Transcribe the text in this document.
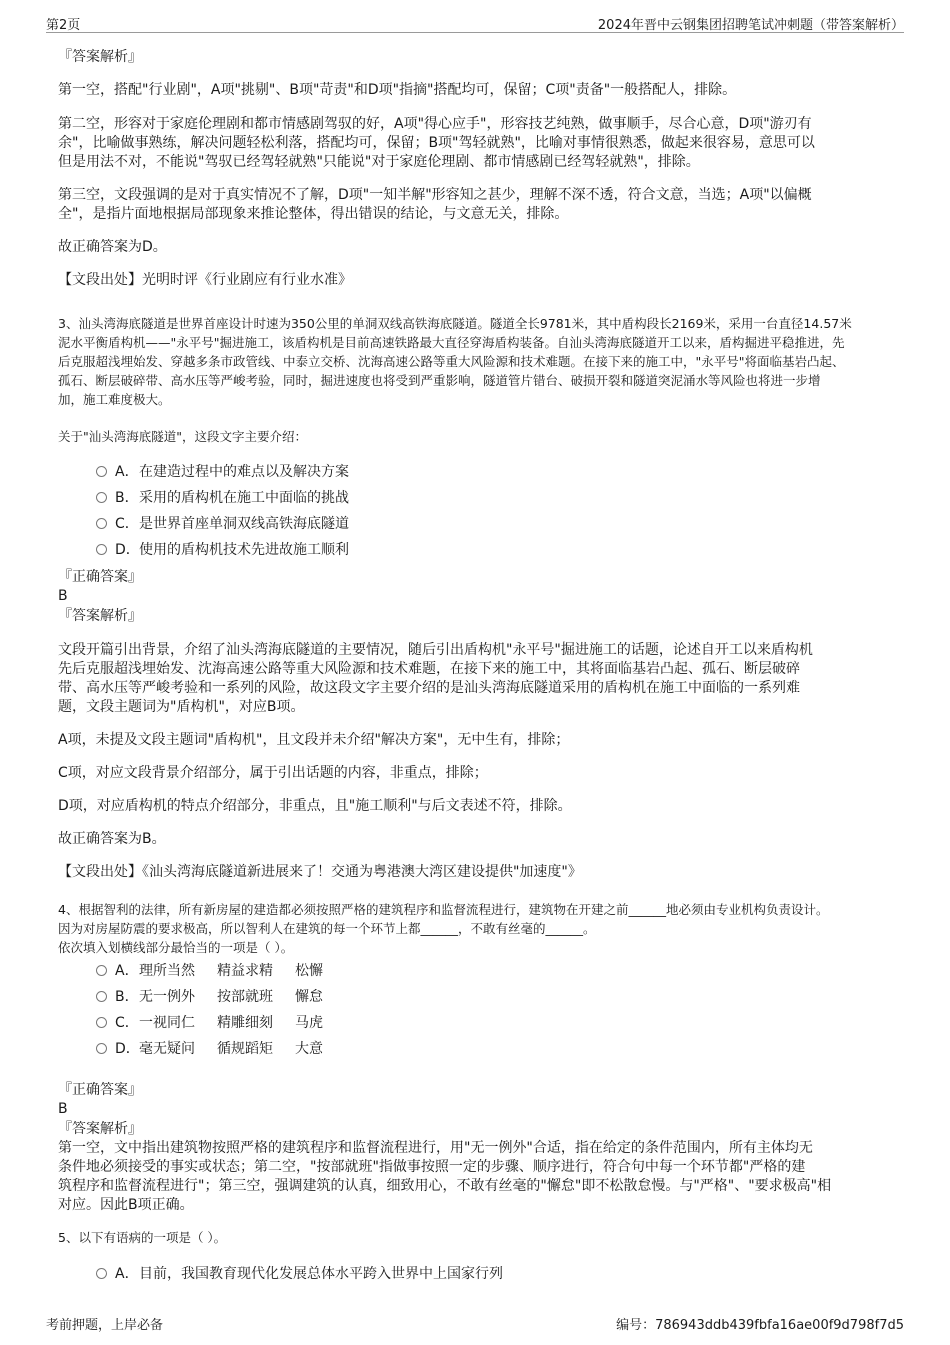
第2页	2024年晋中云钢集团招聘笔试冲刺题（带答案解析）

『答案解析』

第一空，搭配"行业剧"，A项"挑剔"、B项"苛责"和D项"指摘"搭配均可，保留；C项"责备"一般搭配人，排除。

第二空，形容对于家庭伦理剧和都市情感剧驾驭的好，A项"得心应手"，形容技艺纯熟，做事顺手，尽合心意，D项"游刃有

余"，比喻做事熟练，解决问题轻松利落，搭配均可，保留；B项"驾轻就熟"，比喻对事情很熟悉，做起来很容易，意思可以

但是用法不对，不能说"驾驭已经驾轻就熟"只能说"对于家庭伦理剧、都市情感剧已经驾轻就熟"，排除。

第三空，文段强调的是对于真实情况不了解，D项"一知半解"形容知之甚少，理解不深不透，符合文意，当选；A项"以偏概

全"，是指片面地根据局部现象来推论整体，得出错误的结论，与文意无关，排除。

故正确答案为D。

【文段出处】光明时评《行业剧应有行业水准》

3、汕头湾海底隧道是世界首座设计时速为350公里的单洞双线高铁海底隧道。隧道全长9781米，其中盾构段长2169米，采用一台直径14.57米

泥水平衡盾构机——"永平号"掘进施工，该盾构机是目前高速铁路最大直径穿海盾构装备。自汕头湾海底隧道开工以来，盾构掘进平稳推进，先

后克服超浅埋始发、穿越多条市政管线、中泰立交桥、沈海高速公路等重大风险源和技术难题。在接下来的施工中，"永平号"将面临基岩凸起、

孤石、断层破碎带、高水压等严峻考验，同时，掘进速度也将受到严重影响，隧道管片错台、破损开裂和隧道突泥涌水等风险也将进一步增

加，施工难度极大。

关于"汕头湾海底隧道"，这段文字主要介绍：

A．在建造过程中的难点以及解决方案
B．采用的盾构机在施工中面临的挑战
C．是世界首座单洞双线高铁海底隧道
D．使用的盾构机技术先进故施工顺利
『正确答案』
B
『答案解析』

文段开篇引出背景，介绍了汕头湾海底隧道的主要情况，随后引出盾构机"永平号"掘进施工的话题，论述自开工以来盾构机

先后克服超浅埋始发、沈海高速公路等重大风险源和技术难题，在接下来的施工中，其将面临基岩凸起、孤石、断层破碎

带、高水压等严峻考验和一系列的风险，故这段文字主要介绍的是汕头湾海底隧道采用的盾构机在施工中面临的一系列难

题，文段主题词为"盾构机"，对应B项。

A项，未提及文段主题词"盾构机"，且文段并未介绍"解决方案"，无中生有，排除；

C项，对应文段背景介绍部分，属于引出话题的内容，非重点，排除；

D项，对应盾构机的特点介绍部分，非重点，且"施工顺利"与后文表述不符，排除。

故正确答案为B。

【文段出处】《汕头湾海底隧道新进展来了！交通为粤港澳大湾区建设提供"加速度"》

4、根据智利的法律，所有新房屋的建造都必须按照严格的建筑程序和监督流程进行，建筑物在开建之前______地必须由专业机构负责设计。

因为对房屋防震的要求极高，所以智利人在建筑的每一个环节上都______，不敢有丝毫的______。

依次填入划横线部分最恰当的一项是（ ）。

A．理所当然 精益求精 松懈
B．无一例外 按部就班 懈怠
C．一视同仁 精雕细刻 马虎
D．毫无疑问 循规蹈矩 大意
『正确答案』
B
『答案解析』

第一空，文中指出建筑物按照严格的建筑程序和监督流程进行，用"无一例外"合适，指在给定的条件范围内，所有主体均无

条件地必须接受的事实或状态；第二空，"按部就班"指做事按照一定的步骤、顺序进行，符合句中每一个环节都"严格的建

筑程序和监督流程进行"；第三空，强调建筑的认真，细致用心，不敢有丝毫的"懈怠"即不松散怠慢。与"严格"、"要求极高"相

对应。因此B项正确。

5、以下有语病的一项是（ ）。

A．目前，我国教育现代化发展总体水平跨入世界中上国家行列
考前押题，上岸必备	编号：786943ddb439fbfa16ae00f9d798f7d5
